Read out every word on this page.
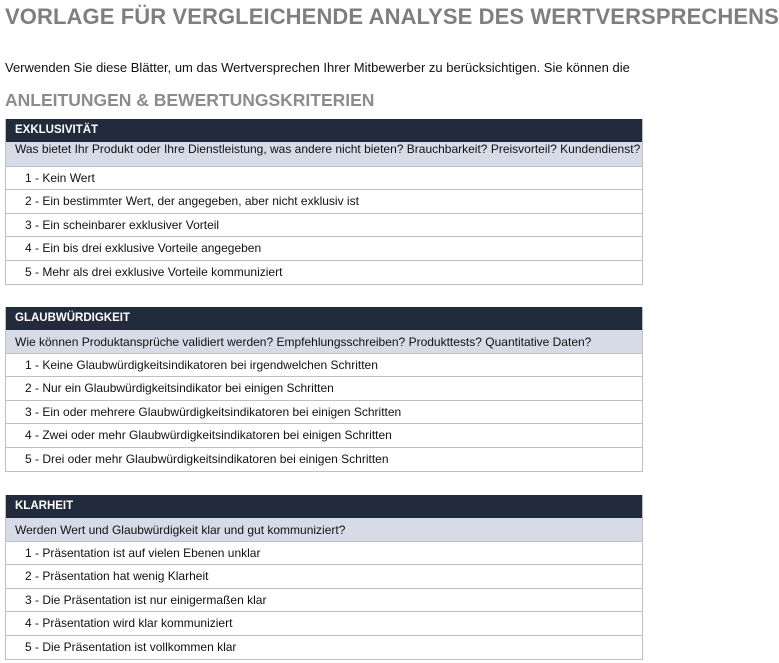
VORLAGE FÜR VERGLEICHENDE ANALYSE DES WERTVERSPRECHENS
Verwenden Sie diese Blätter, um das Wertversprechen Ihrer Mitbewerber zu berücksichtigen. Sie können die
ANLEITUNGEN & BEWERTUNGSKRITERIEN
EXKLUSIVITÄT
Was bietet Ihr Produkt oder Ihre Dienstleistung, was andere nicht bieten? Brauchbarkeit? Preisvorteil? Kundendienst?
1 - Kein Wert
2 - Ein bestimmter Wert, der angegeben, aber nicht exklusiv ist
3 - Ein scheinbarer exklusiver Vorteil
4 - Ein bis drei exklusive Vorteile angegeben
5 - Mehr als drei exklusive Vorteile kommuniziert
GLAUBWÜRDIGKEIT
Wie können Produktansprüche validiert werden? Empfehlungsschreiben? Produkttests? Quantitative Daten?
1 - Keine Glaubwürdigkeitsindikatoren bei irgendwelchen Schritten
2 - Nur ein Glaubwürdigkeitsindikator bei einigen Schritten
3 - Ein oder mehrere Glaubwürdigkeitsindikatoren bei einigen Schritten
4 - Zwei oder mehr Glaubwürdigkeitsindikatoren bei einigen Schritten
5 - Drei oder mehr Glaubwürdigkeitsindikatoren bei einigen Schritten
KLARHEIT
Werden Wert und Glaubwürdigkeit klar und gut kommuniziert?
1 - Präsentation ist auf vielen Ebenen unklar
2 - Präsentation hat wenig Klarheit
3 - Die Präsentation ist nur einigermaßen klar
4 - Präsentation wird klar kommuniziert
5 - Die Präsentation ist vollkommen klar
